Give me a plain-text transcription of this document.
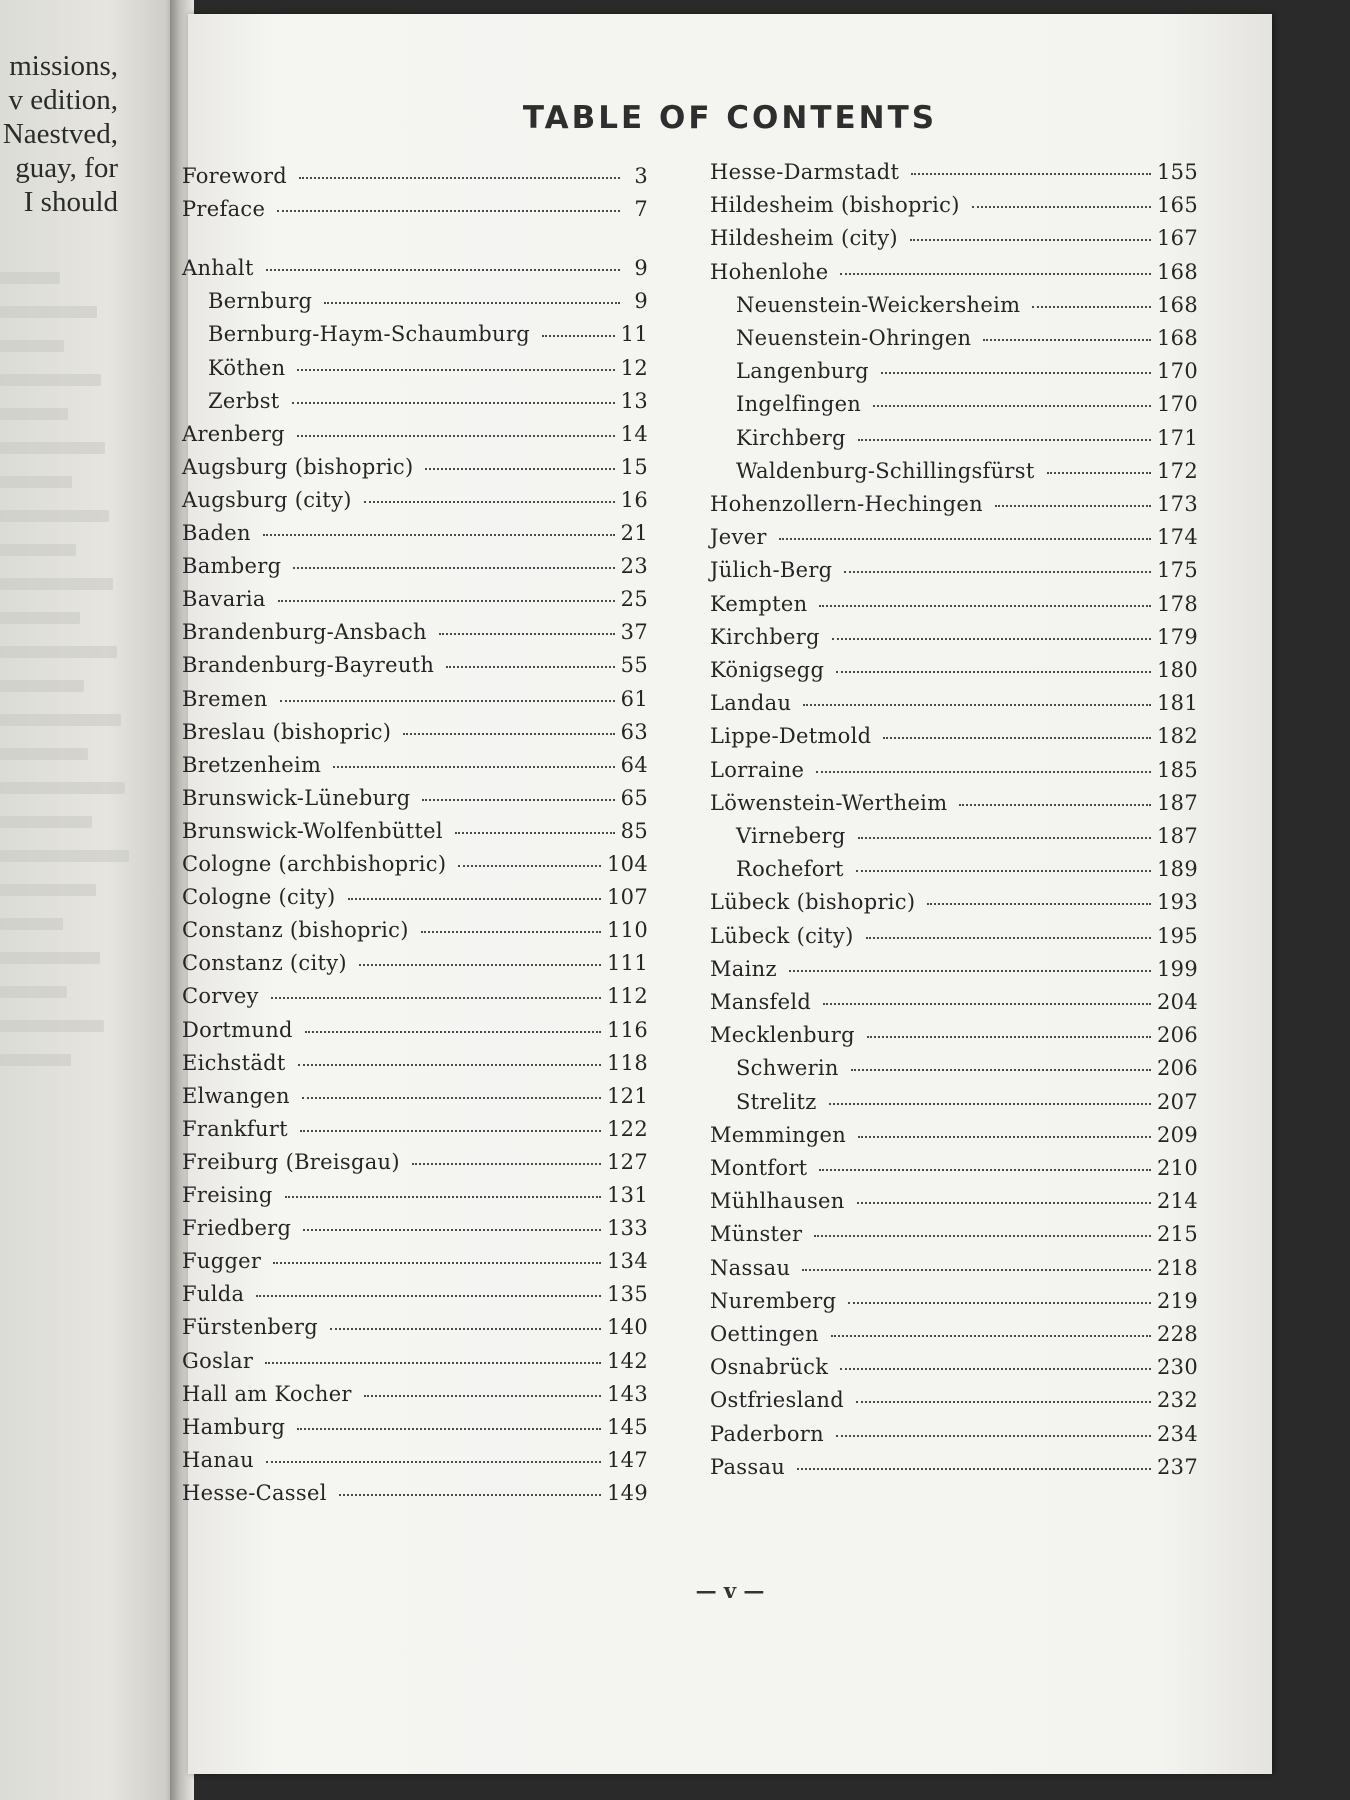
missions,
v edition,
Naestved,
guay, for
I should
TABLE OF CONTENTS
Foreword	3
Preface	7
Anhalt	9
Bernburg	9
Bernburg-Haym-Schaumburg	11
Köthen	12
Zerbst	13
Arenberg	14
Augsburg (bishopric)	15
Augsburg (city)	16
Baden	21
Bamberg	23
Bavaria	25
Brandenburg-Ansbach	37
Brandenburg-Bayreuth	55
Bremen	61
Breslau (bishopric)	63
Bretzenheim	64
Brunswick-Lüneburg	65
Brunswick-Wolfenbüttel	85
Cologne (archbishopric)	104
Cologne (city)	107
Constanz (bishopric)	110
Constanz (city)	111
Corvey	112
Dortmund	116
Eichstädt	118
Elwangen	121
Frankfurt	122
Freiburg (Breisgau)	127
Freising	131
Friedberg	133
Fugger	134
Fulda	135
Fürstenberg	140
Goslar	142
Hall am Kocher	143
Hamburg	145
Hanau	147
Hesse-Cassel	149
Hesse-Darmstadt	155
Hildesheim (bishopric)	165
Hildesheim (city)	167
Hohenlohe	168
Neuenstein-Weickersheim	168
Neuenstein-Ohringen	168
Langenburg	170
Ingelfingen	170
Kirchberg	171
Waldenburg-Schillingsfürst	172
Hohenzollern-Hechingen	173
Jever	174
Jülich-Berg	175
Kempten	178
Kirchberg	179
Königsegg	180
Landau	181
Lippe-Detmold	182
Lorraine	185
Löwenstein-Wertheim	187
Virneberg	187
Rochefort	189
Lübeck (bishopric)	193
Lübeck (city)	195
Mainz	199
Mansfeld	204
Mecklenburg	206
Schwerin	206
Strelitz	207
Memmingen	209
Montfort	210
Mühlhausen	214
Münster	215
Nassau	218
Nuremberg	219
Oettingen	228
Osnabrück	230
Ostfriesland	232
Paderborn	234
Passau	237
— v —
